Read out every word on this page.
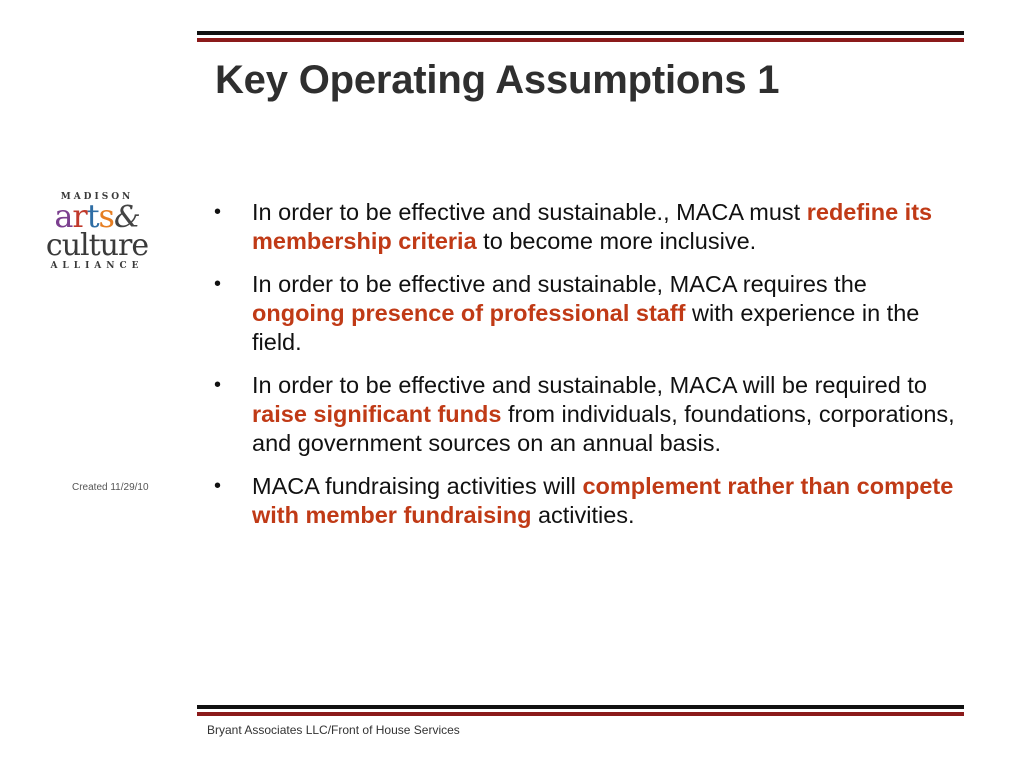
Key Operating Assumptions 1
MADISON
arts&
culture
ALLIANCE
Created 11/29/10
• In order to be effective and sustainable., MACA must redefine its membership criteria to become more inclusive.
• In order to be effective and sustainable, MACA requires the ongoing presence of professional staff with experience in the field.
• In order to be effective and sustainable, MACA will be required to raise significant funds from individuals, foundations, corporations, and government sources on an annual basis.
• MACA fundraising activities will complement rather than compete with member fundraising activities.
Bryant Associates LLC/Front of House Services
